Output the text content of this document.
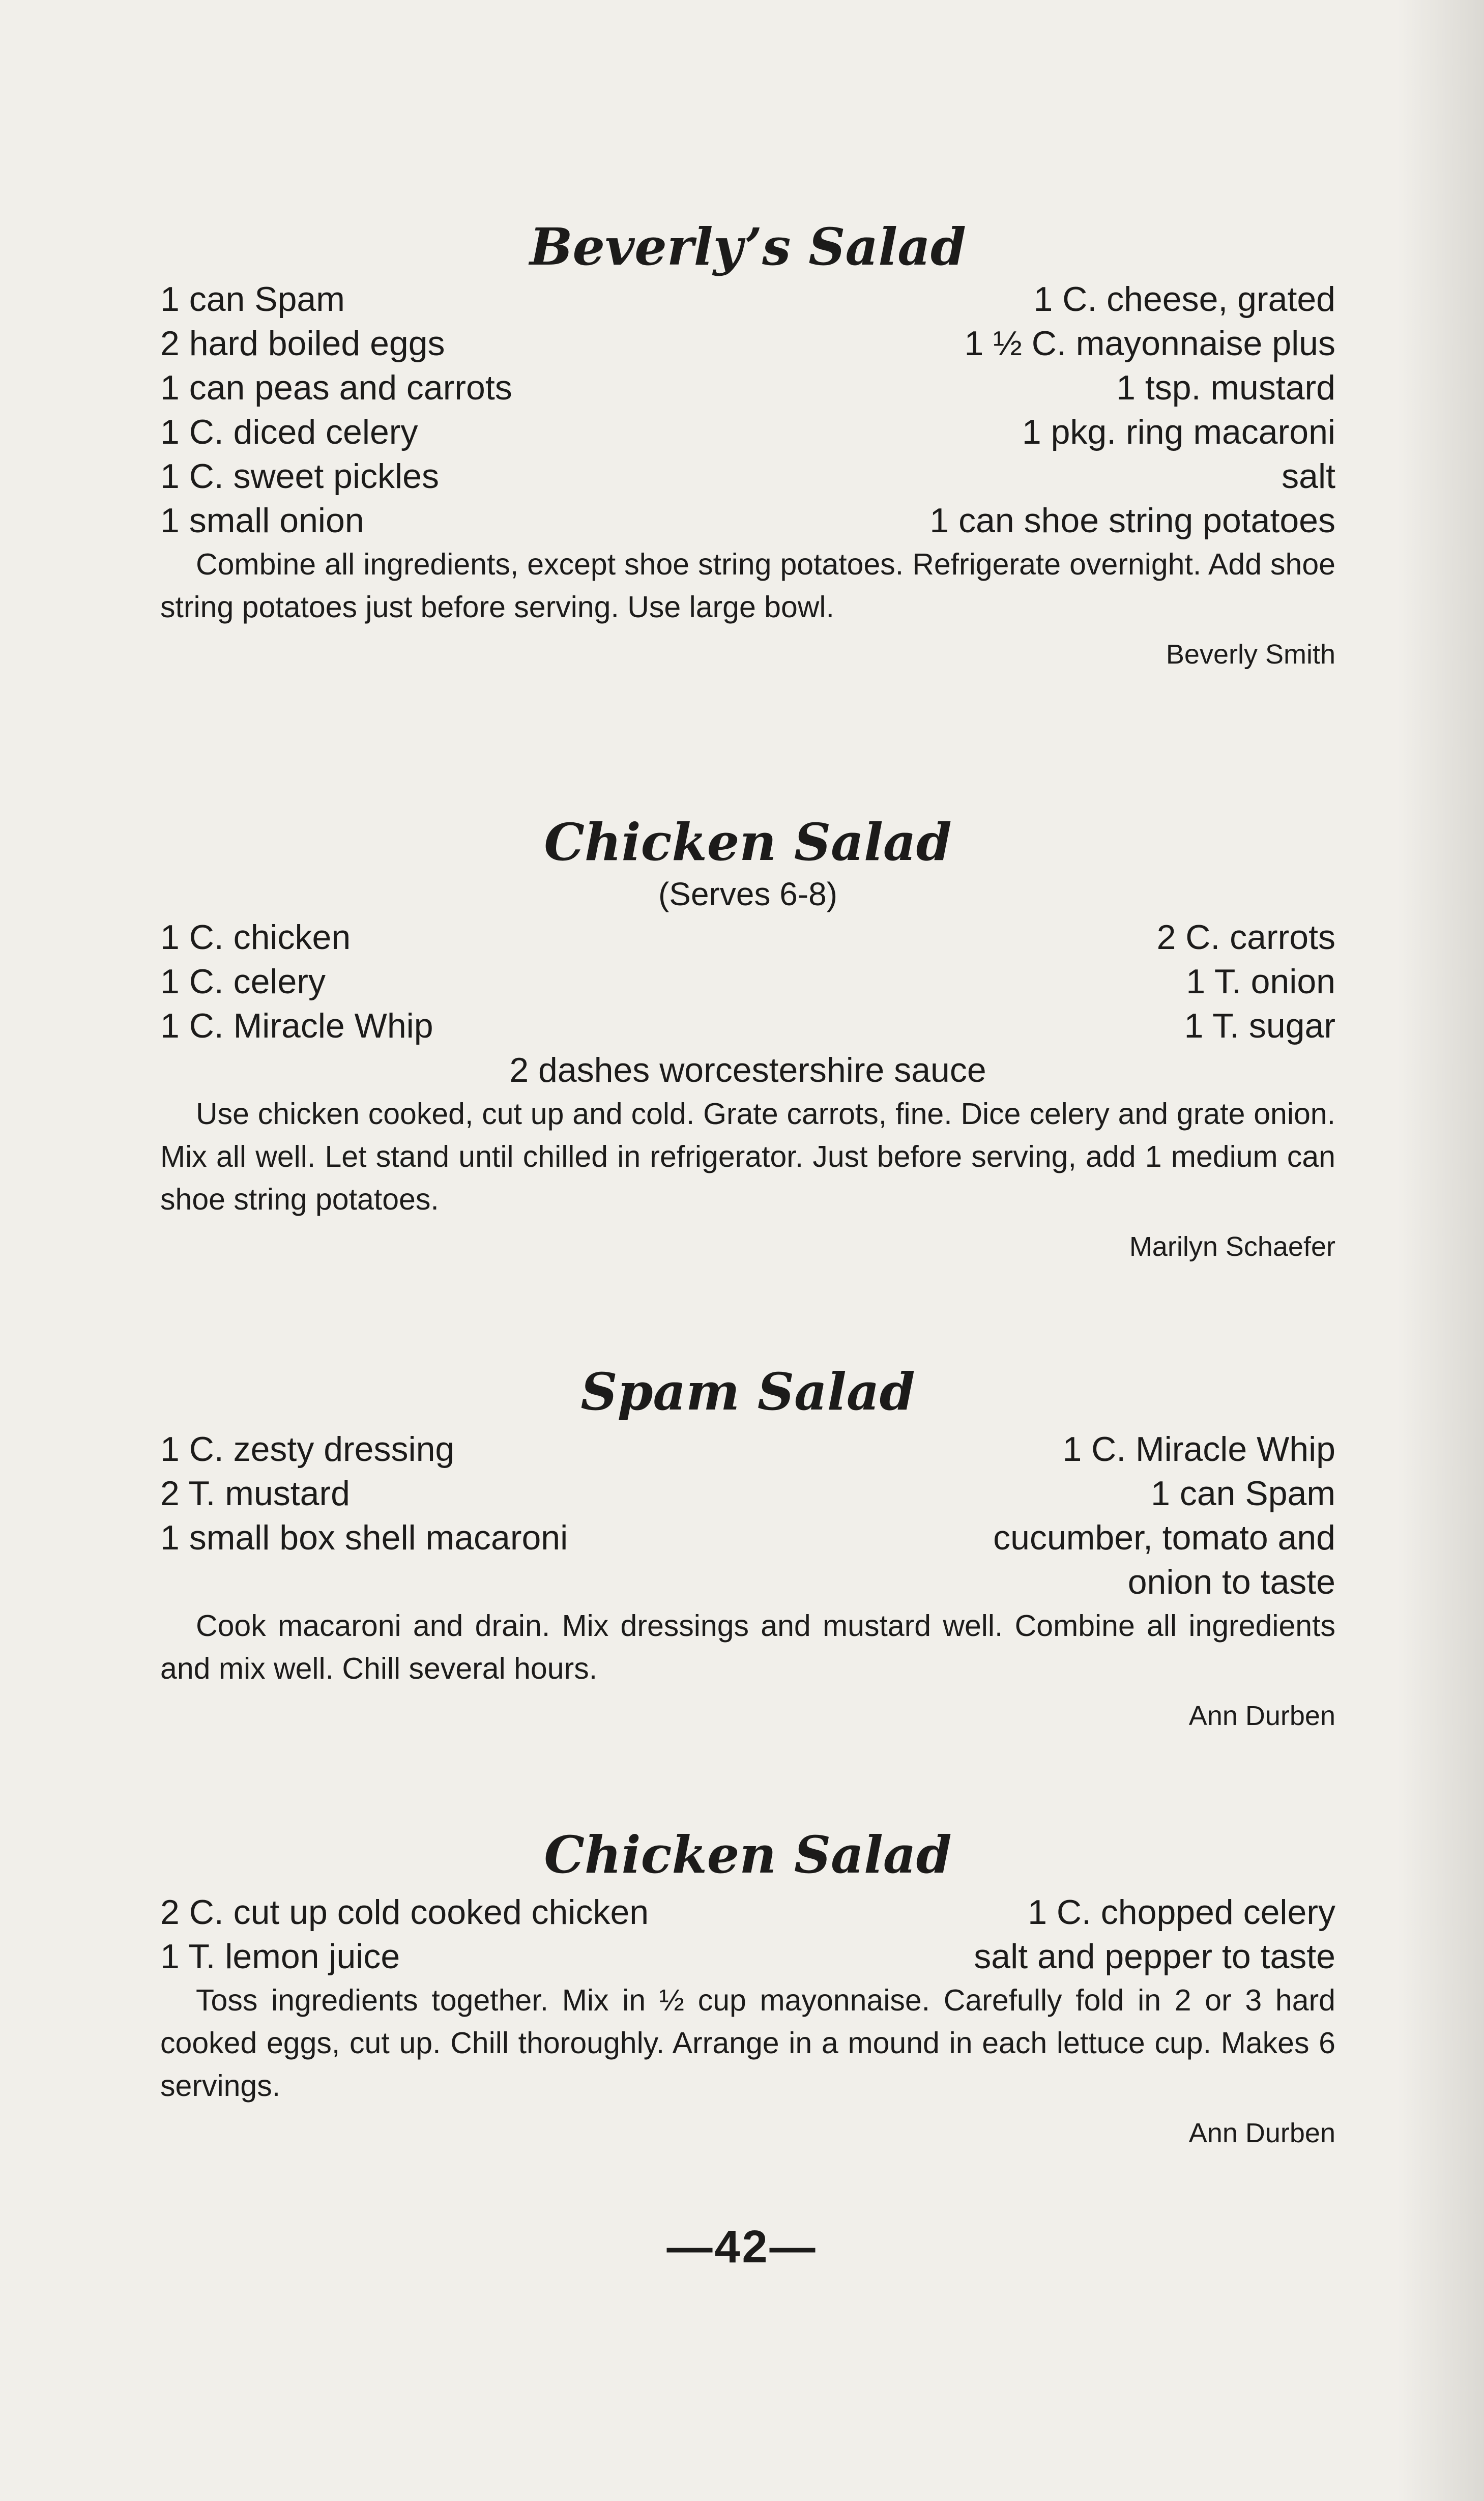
Beverly’s Salad
1 can Spam
2 hard boiled eggs
1 can peas and carrots
1 C. diced celery
1 C. sweet pickles
1 small onion
1 C. cheese, grated
1 ½ C. mayonnaise plus
1 tsp. mustard
1 pkg. ring macaroni
salt
1 can shoe string potatoes

Combine all ingredients, except shoe string potatoes. Refrigerate overnight. Add shoe string potatoes just before serving. Use large bowl.

Beverly Smith
Chicken Salad
(Serves 6-8)
1 C. chicken
1 C. celery
1 C. Miracle Whip
2 C. carrots
1 T. onion
1 T. sugar
2 dashes worcestershire sauce

Use chicken cooked, cut up and cold. Grate carrots, fine. Dice celery and grate onion. Mix all well. Let stand until chilled in refrigerator. Just before serving, add 1 medium can shoe string potatoes.

Marilyn Schaefer
Spam Salad
1 C. zesty dressing
2 T. mustard
1 small box shell macaroni
1 C. Miracle Whip
1 can Spam
cucumber, tomato and
onion to taste

Cook macaroni and drain. Mix dressings and mustard well. Combine all ingredients and mix well. Chill several hours.

Ann Durben
Chicken Salad
2 C. cut up cold cooked chicken
1 T. lemon juice
1 C. chopped celery
salt and pepper to taste

Toss ingredients together. Mix in ½ cup mayonnaise. Carefully fold in 2 or 3 hard cooked eggs, cut up. Chill thoroughly. Arrange in a mound in each lettuce cup. Makes 6 servings.

Ann Durben
—42—
